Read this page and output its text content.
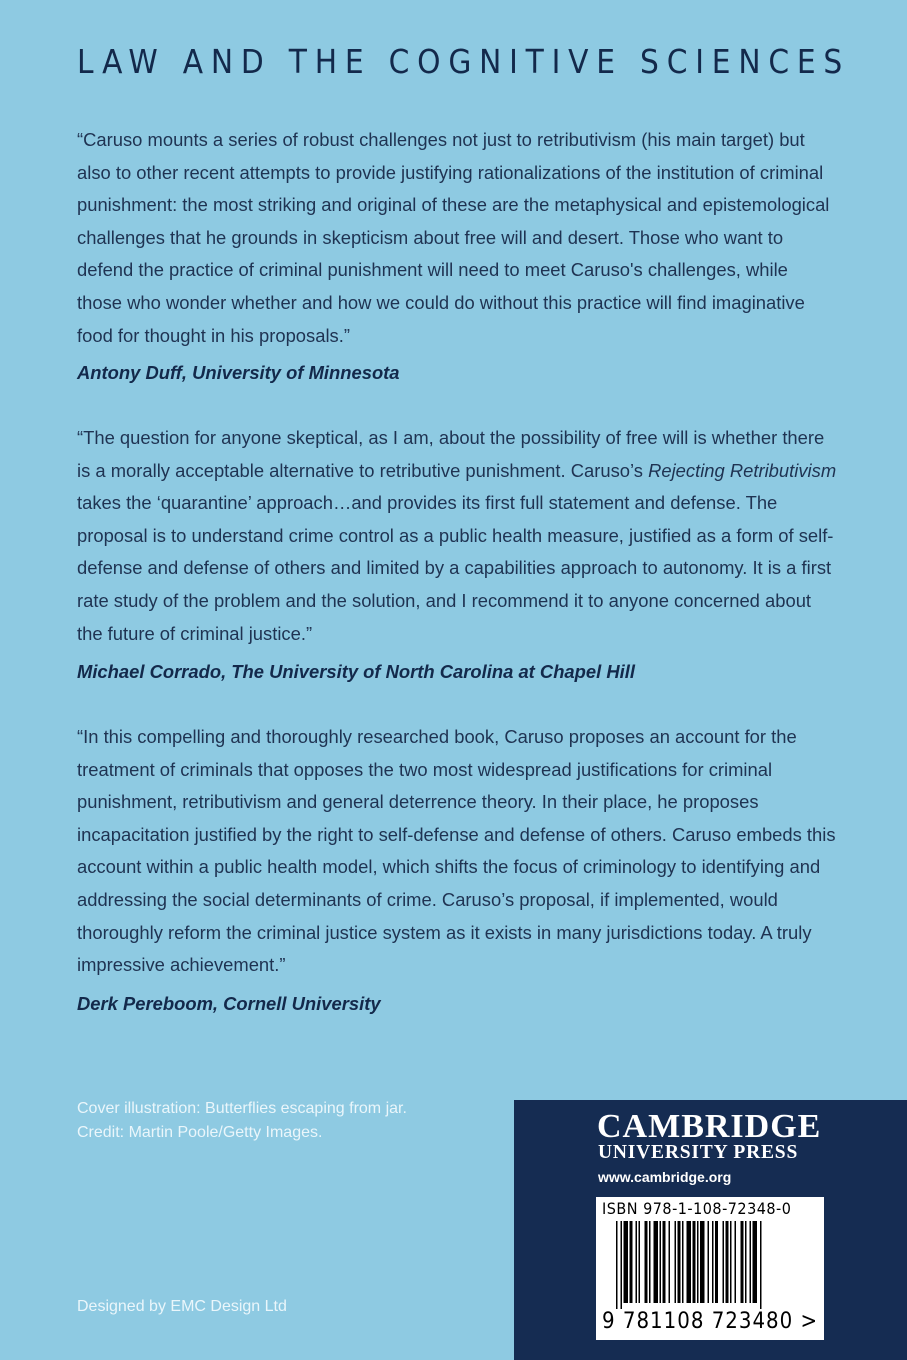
LAW AND THE COGNITIVE SCIENCES

“Caruso mounts a series of robust challenges not just to retributivism (his main target) but also to other recent attempts to provide justifying rationalizations of the institution of criminal punishment: the most striking and original of these are the metaphysical and epistemological challenges that he grounds in skepticism about free will and desert. Those who want to defend the practice of criminal punishment will need to meet Caruso's challenges, while those who wonder whether and how we could do without this practice will find imaginative food for thought in his proposals.”

Antony Duff, University of Minnesota

“The question for anyone skeptical, as I am, about the possibility of free will is whether there is a morally acceptable alternative to retributive punishment. Caruso’s Rejecting Retributivism takes the ‘quarantine’ approach…and provides its first full statement and defense. The proposal is to understand crime control as a public health measure, justified as a form of self-defense and defense of others and limited by a capabilities approach to autonomy. It is a first rate study of the problem and the solution, and I recommend it to anyone concerned about the future of criminal justice.”

Michael Corrado, The University of North Carolina at Chapel Hill

“In this compelling and thoroughly researched book, Caruso proposes an account for the treatment of criminals that opposes the two most widespread justifications for criminal punishment, retributivism and general deterrence theory. In their place, he proposes incapacitation justified by the right to self-defense and defense of others. Caruso embeds this account within a public health model, which shifts the focus of criminology to identifying and addressing the social determinants of crime. Caruso’s proposal, if implemented, would thoroughly reform the criminal justice system as it exists in many jurisdictions today. A truly impressive achievement.”

Derk Pereboom, Cornell University

Cover illustration: Butterflies escaping from jar. Credit: Martin Poole/Getty Images.

Designed by EMC Design Ltd

CAMBRIDGE
UNIVERSITY PRESS
www.cambridge.org
ISBN 978-1-108-72348-0
9 781108 723480 >
